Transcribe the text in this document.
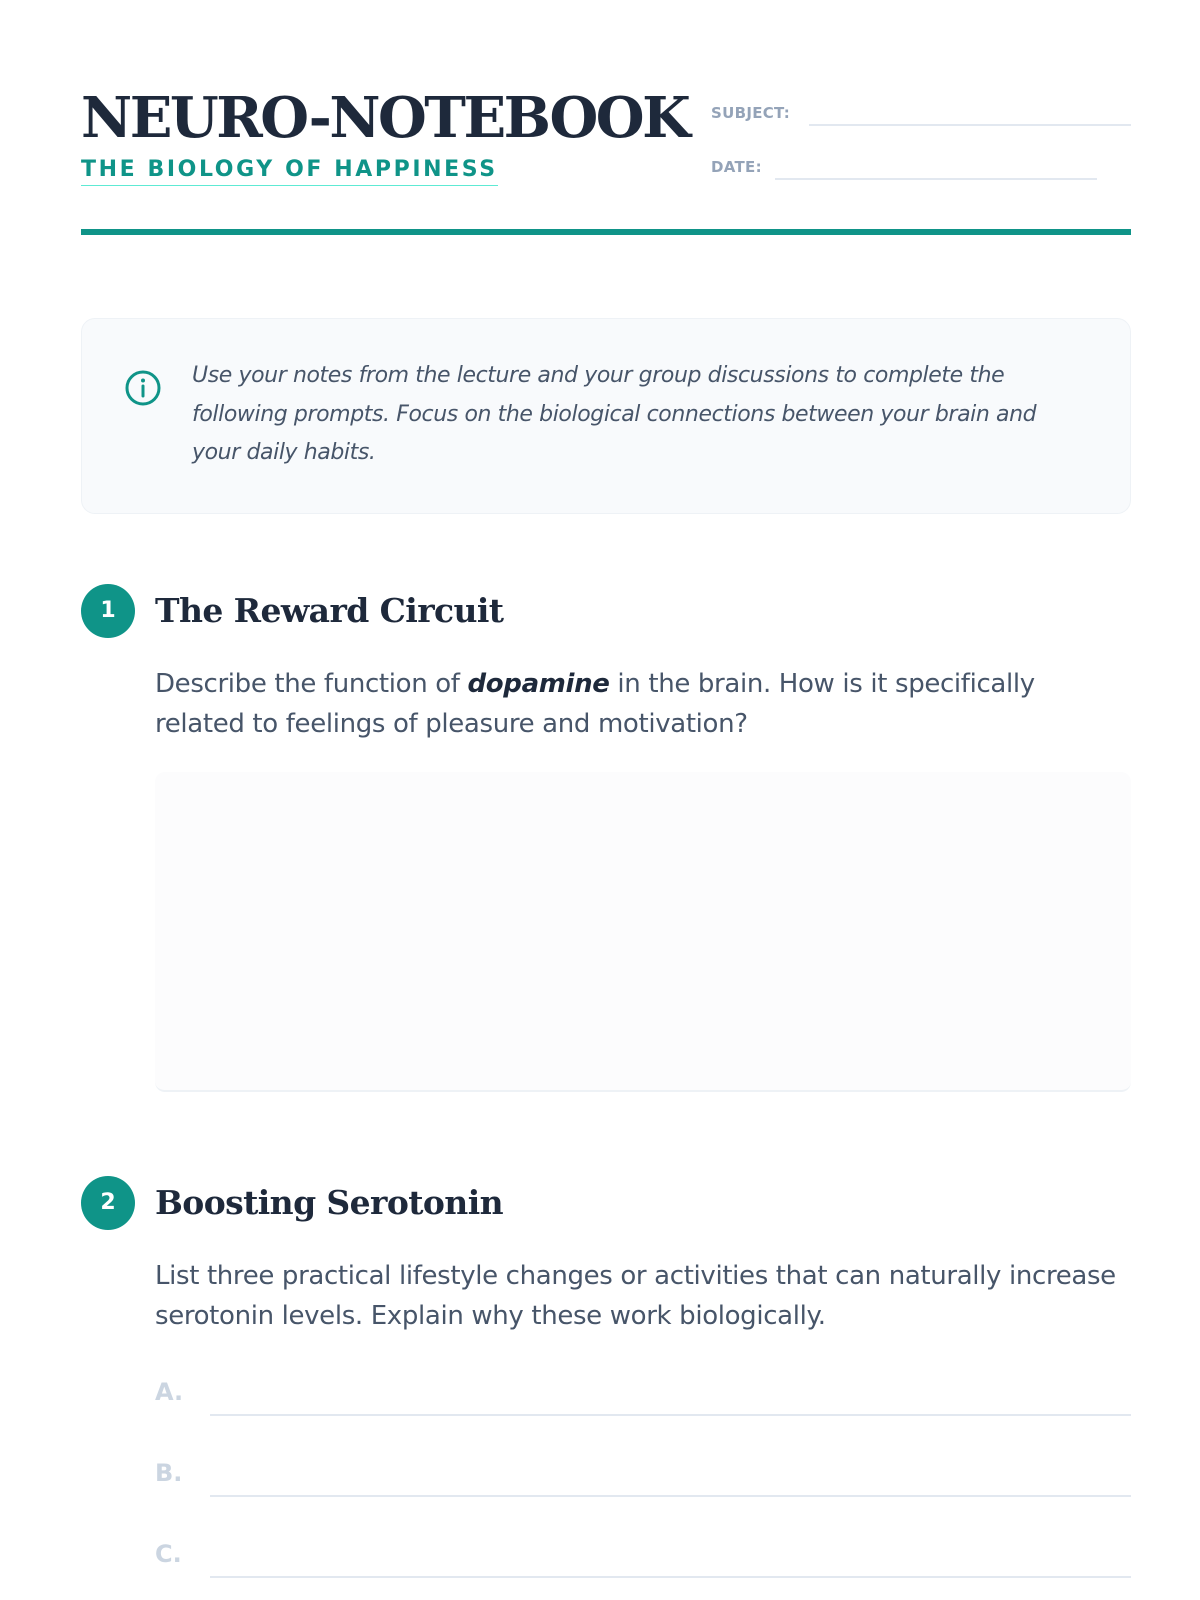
NEURO-NOTEBOOK
THE BIOLOGY OF HAPPINESS
SUBJECT:
DATE:

Use your notes from the lecture and your group discussions to complete the following prompts. Focus on the biological connections between your brain and your daily habits.

1	The Reward Circuit

Describe the function of dopamine in the brain. How is it specifically related to feelings of pleasure and motivation?

2	Boosting Serotonin

List three practical lifestyle changes or activities that can naturally increase serotonin levels. Explain why these work biologically.

A.
B.
C.
